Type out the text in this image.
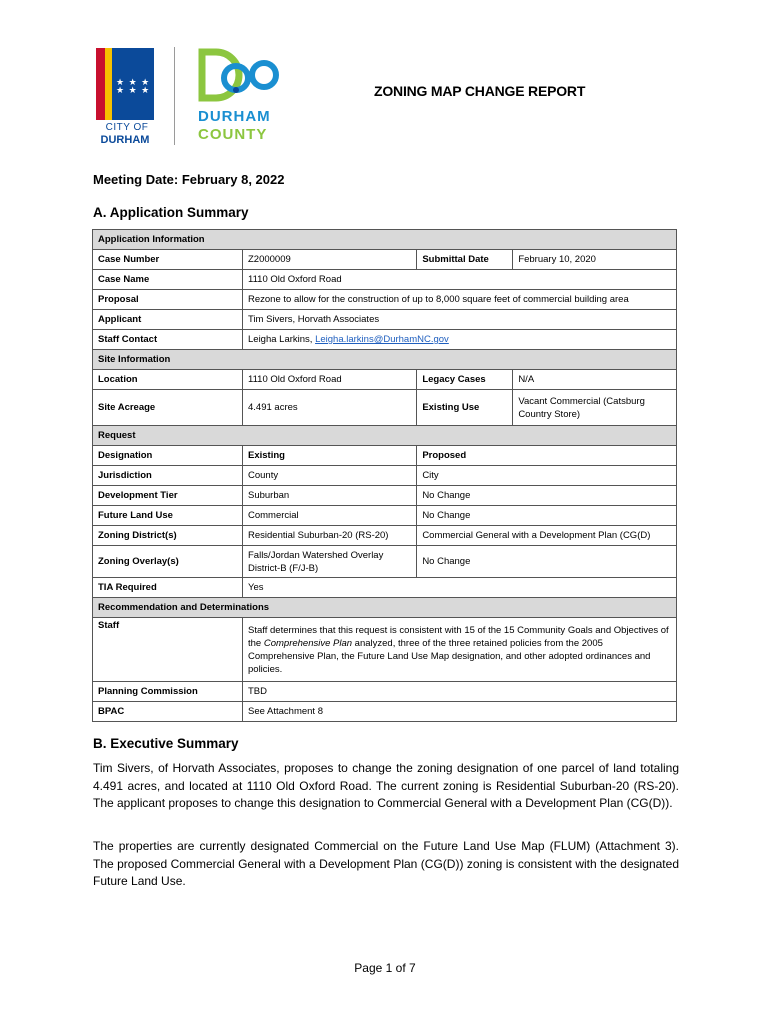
★ ★ ★
★ ★ ★
CITY OF
DURHAM
DURHAM
COUNTY
ZONING MAP CHANGE REPORT
Meeting Date: February 8, 2022
A. Application Summary
Application Information			
Case Number	Z2000009	Submittal Date	February 10, 2020
Case Name	1110 Old Oxford Road		
Proposal	Rezone to allow for the construction of up to 8,000 square feet of commercial building area		
Applicant	Tim Sivers, Horvath Associates		
Staff Contact	Leigha Larkins, Leigha.larkins@DurhamNC.gov		
Site Information			
Location	1110 Old Oxford Road	Legacy Cases	N/A
Site Acreage	4.491 acres	Existing Use	Vacant Commercial (Catsburg Country Store)
Request			
Designation	Existing	Proposed	
Jurisdiction	County	City	
Development Tier	Suburban	No Change	
Future Land Use	Commercial	No Change	
Zoning District(s)	Residential Suburban-20 (RS-20)	Commercial General with a Development Plan (CG(D)	
Zoning Overlay(s)	Falls/Jordan Watershed Overlay District-B (F/J-B)	No Change	
TIA Required	Yes		
Recommendation and Determinations			
Staff	Staff determines that this request is consistent with 15 of the 15 Community Goals and Objectives of the Comprehensive Plan analyzed, three of the three retained policies from the 2005 Comprehensive Plan, the Future Land Use Map designation, and other adopted ordinances and policies.		
Planning Commission	TBD		
BPAC	See Attachment 8		
B. Executive Summary
Tim Sivers, of Horvath Associates, proposes to change the zoning designation of one parcel of land totaling 4.491 acres, and located at 1110 Old Oxford Road. The current zoning is Residential Suburban-20 (RS-20). The applicant proposes to change this designation to Commercial General with a Development Plan (CG(D)).
The properties are currently designated Commercial on the Future Land Use Map (FLUM) (Attachment 3). The proposed Commercial General with a Development Plan (CG(D)) zoning is consistent with the designated Future Land Use.
Page 1 of 7
